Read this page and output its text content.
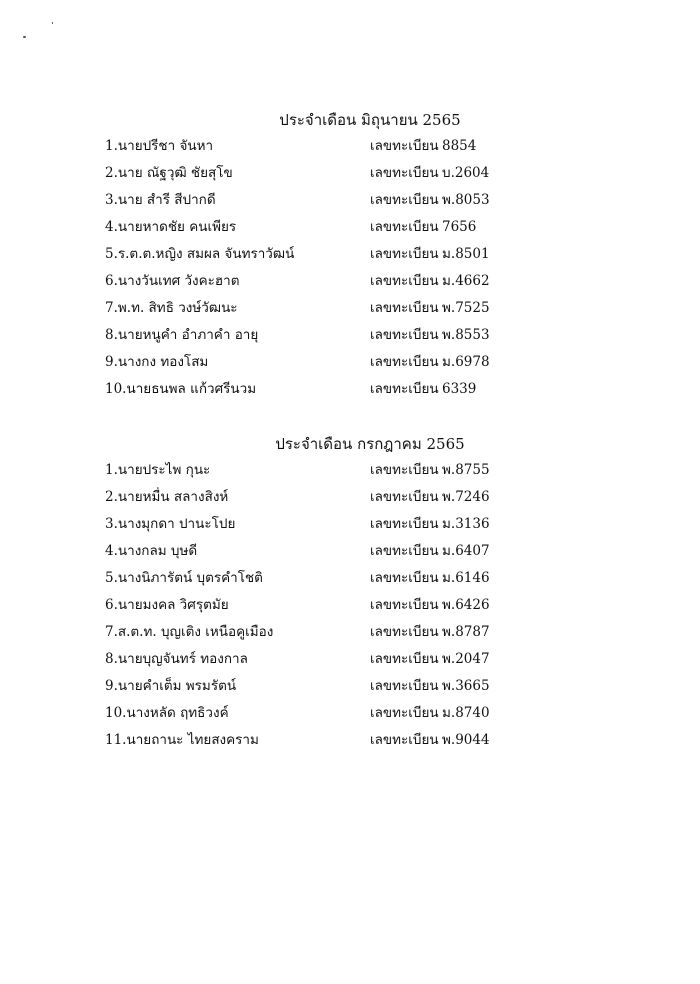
ประจำเดือน มิถุนายน 2565
1.นายปรีชา จันหา	เลขทะเบียน 8854
2.นาย ณัฐวุฒิ ชัยสุโข	เลขทะเบียน บ.2604
3.นาย สำรี สีปากดี	เลขทะเบียน พ.8053
4.นายหาดชัย คนเพียร	เลขทะเบียน 7656
5.ร.ต.ต.หญิง สมผล จันทราวัฒน์	เลขทะเบียน ม.8501
6.นางวันเทศ วังคะฮาต	เลขทะเบียน ม.4662
7.พ.ท. สิทธิ วงษ์วัฒนะ	เลขทะเบียน พ.7525
8.นายหนูคำ อำภาคำ อายุ	เลขทะเบียน พ.8553
9.นางกง ทองโสม	เลขทะเบียน ม.6978
10.นายธนพล แก้วศรีนวม	เลขทะเบียน 6339
ประจำเดือน กรกฎาคม 2565
1.นายประไพ กุนะ	เลขทะเบียน พ.8755
2.นายหมื่น สลางสิงห์	เลขทะเบียน พ.7246
3.นางมุกดา ปานะโปย	เลขทะเบียน ม.3136
4.นางกลม บุษดี	เลขทะเบียน ม.6407
5.นางนิภารัตน์ บุตรคำโชติ	เลขทะเบียน ม.6146
6.นายมงคล วิศรุตมัย	เลขทะเบียน พ.6426
7.ส.ต.ท. บุญเติง เหนือคูเมือง	เลขทะเบียน พ.8787
8.นายบุญจันทร์ ทองกาล	เลขทะเบียน พ.2047
9.นายคำเต็ม พรมรัตน์	เลขทะเบียน พ.3665
10.นางหลัด ฤทธิวงค์	เลขทะเบียน ม.8740
11.นายถานะ ไทยสงคราม	เลขทะเบียน พ.9044
